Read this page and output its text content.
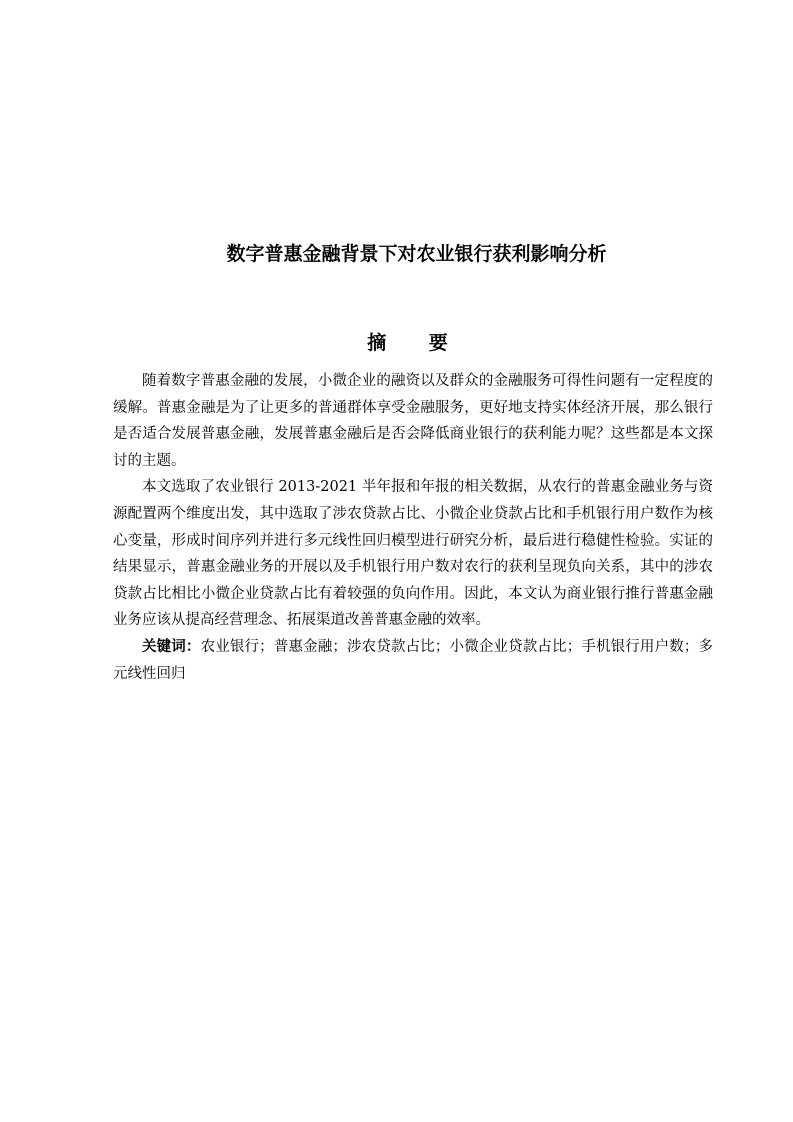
数字普惠金融背景下对农业银行获利影响分析
摘 要

随着数字普惠金融的发展，小微企业的融资以及群众的金融服务可得性问题有一定程度的缓解。普惠金融是为了让更多的普通群体享受金融服务，更好地支持实体经济开展，那么银行是否适合发展普惠金融，发展普惠金融后是否会降低商业银行的获利能力呢？这些都是本文探讨的主题。

本文选取了农业银行 2013-2021 半年报和年报的相关数据，从农行的普惠金融业务与资源配置两个维度出发，其中选取了涉农贷款占比、小微企业贷款占比和手机银行用户数作为核心变量，形成时间序列并进行多元线性回归模型进行研究分析，最后进行稳健性检验。实证的结果显示，普惠金融业务的开展以及手机银行用户数对农行的获利呈现负向关系，其中的涉农贷款占比相比小微企业贷款占比有着较强的负向作用。因此，本文认为商业银行推行普惠金融业务应该从提高经营理念、拓展渠道改善普惠金融的效率。

关键词：农业银行；普惠金融；涉农贷款占比；小微企业贷款占比；手机银行用户数；多元线性回归
